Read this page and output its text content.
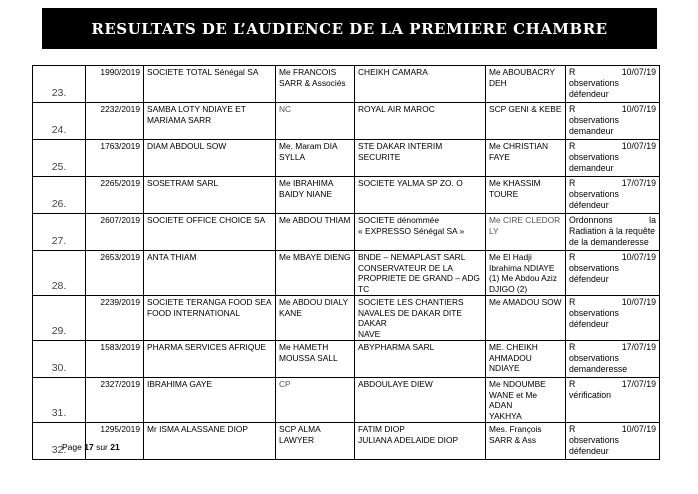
RESULTATS DE L’AUDIENCE DE LA PREMIERE CHAMBRE
23.	1990/2019	SOCIETE TOTAL Sénégal SA	Me FRANCOIS
SARR & Associés	CHEIKH CAMARA	Me ABOUBACRY
DEH	R 10/07/19
observations
défendeur

24.	2232/2019	SAMBA LOTY NDIAYE ET
MARIAMA SARR	NC	ROYAL AIR MAROC	SCP GENI & KEBE	R 10/07/19
observations
demandeur

25.	1763/2019	DIAM ABDOUL SOW	Me. Maram DIA
SYLLA	STE DAKAR INTERIM SECURITE	Me CHRISTIAN
FAYE	R 10/07/19
observations
demandeur

26.	2265/2019	SOSETRAM SARL	Me IBRAHIMA
BAIDY NIANE	SOCIETE YALMA SP ZO. O	Me KHASSIM
TOURE	R 17/07/19
observations
défendeur

27.	2607/2019	SOCIETE OFFICE CHOICE SA	Me ABDOU THIAM	SOCIETE dénommée
« EXPRESSO Sénégal SA »	Me CIRE CLEDOR LY	Ordonnons la
Radiation à la requête
de la demanderesse

28.	2653/2019	ANTA THIAM	Me MBAYE DIENG	BNDE – NEMAPLAST SARL
CONSERVATEUR DE LA
PROPRIETE DE GRAND – ADG TC	Me El Hadji
Ibrahima NDIAYE
(1) Me Abdou Aziz
DJIGO (2)	R 10/07/19
observations
défendeur

29.	2239/2019	SOCIETE TERANGA FOOD SEA
FOOD INTERNATIONAL	Me ABDOU DIALY
KANE	SOCIETE LES CHANTIERS
NAVALES DE DAKAR DITE DAKAR
NAVE	Me AMADOU SOW	R 10/07/19
observations
défendeur

30.	1583/2019	PHARMA SERVICES AFRIQUE	Me HAMETH
MOUSSA SALL	ABYPHARMA SARL	ME. CHEIKH
AHMADOU NDIAYE	R 17/07/19
observations
demanderesse

31.	2327/2019	IBRAHIMA GAYE	CP	ABDOULAYE DIEW	Me NDOUMBE
WANE et Me ADAN
YAKHYA	R 17/07/19
vérification

32.	1295/2019	Mr ISMA ALASSANE DIOP	SCP ALMA
LAWYER	FATIM DIOP
JULIANA ADELAIDE DIOP	Mes. François
SARR & Ass	R 10/07/19
observations
défendeur
Page 17 sur 21
